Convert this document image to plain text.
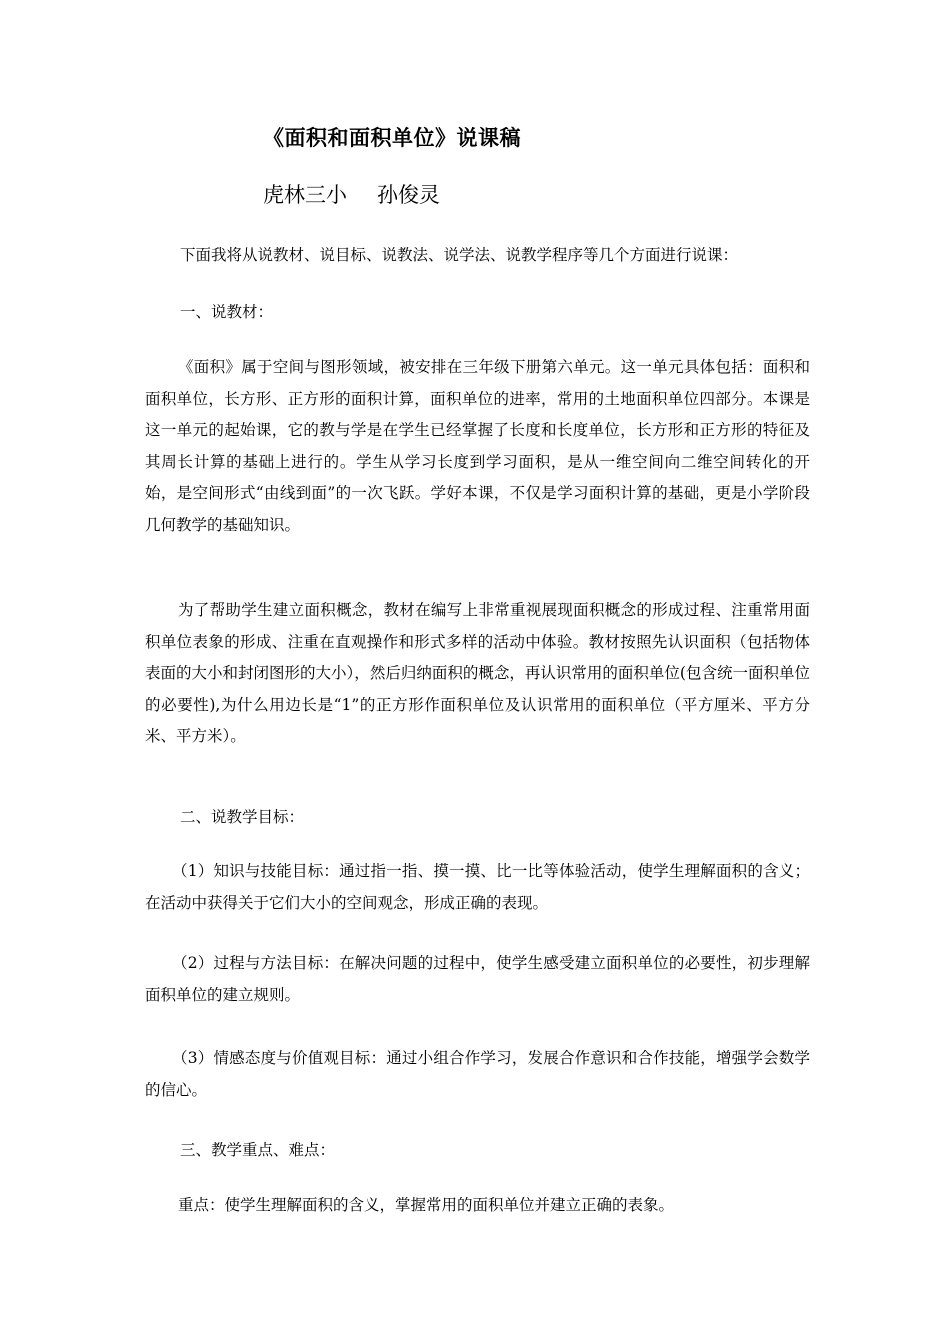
《面积和面积单位》说课稿
虎林三小 孙俊灵
下面我将从说教材、说目标、说教法、说学法、说教学程序等几个方面进行说课：
一、说教材：
《面积》属于空间与图形领域，被安排在三年级下册第六单元。这一单元具体包括：面积和面积单位，长方形、正方形的面积计算，面积单位的进率，常用的土地面积单位四部分。本课是这一单元的起始课，它的教与学是在学生已经掌握了长度和长度单位，长方形和正方形的特征及其周长计算的基础上进行的。学生从学习长度到学习面积，是从一维空间向二维空间转化的开始，是空间形式“由线到面”的一次飞跃。学好本课，不仅是学习面积计算的基础，更是小学阶段几何教学的基础知识。
为了帮助学生建立面积概念，教材在编写上非常重视展现面积概念的形成过程、注重常用面积单位表象的形成、注重在直观操作和形式多样的活动中体验。教材按照先认识面积（包括物体表面的大小和封闭图形的大小），然后归纳面积的概念，再认识常用的面积单位(包含统一面积单位的必要性),为什么用边长是“1”的正方形作面积单位及认识常用的面积单位（平方厘米、平方分米、平方米）。
二、说教学目标：
（1）知识与技能目标：通过指一指、摸一摸、比一比等体验活动，使学生理解面积的含义；在活动中获得关于它们大小的空间观念，形成正确的表现。
（2）过程与方法目标：在解决问题的过程中，使学生感受建立面积单位的必要性，初步理解面积单位的建立规则。
（3）情感态度与价值观目标：通过小组合作学习，发展合作意识和合作技能，增强学会数学的信心。
三、教学重点、难点：
重点：使学生理解面积的含义，掌握常用的面积单位并建立正确的表象。
